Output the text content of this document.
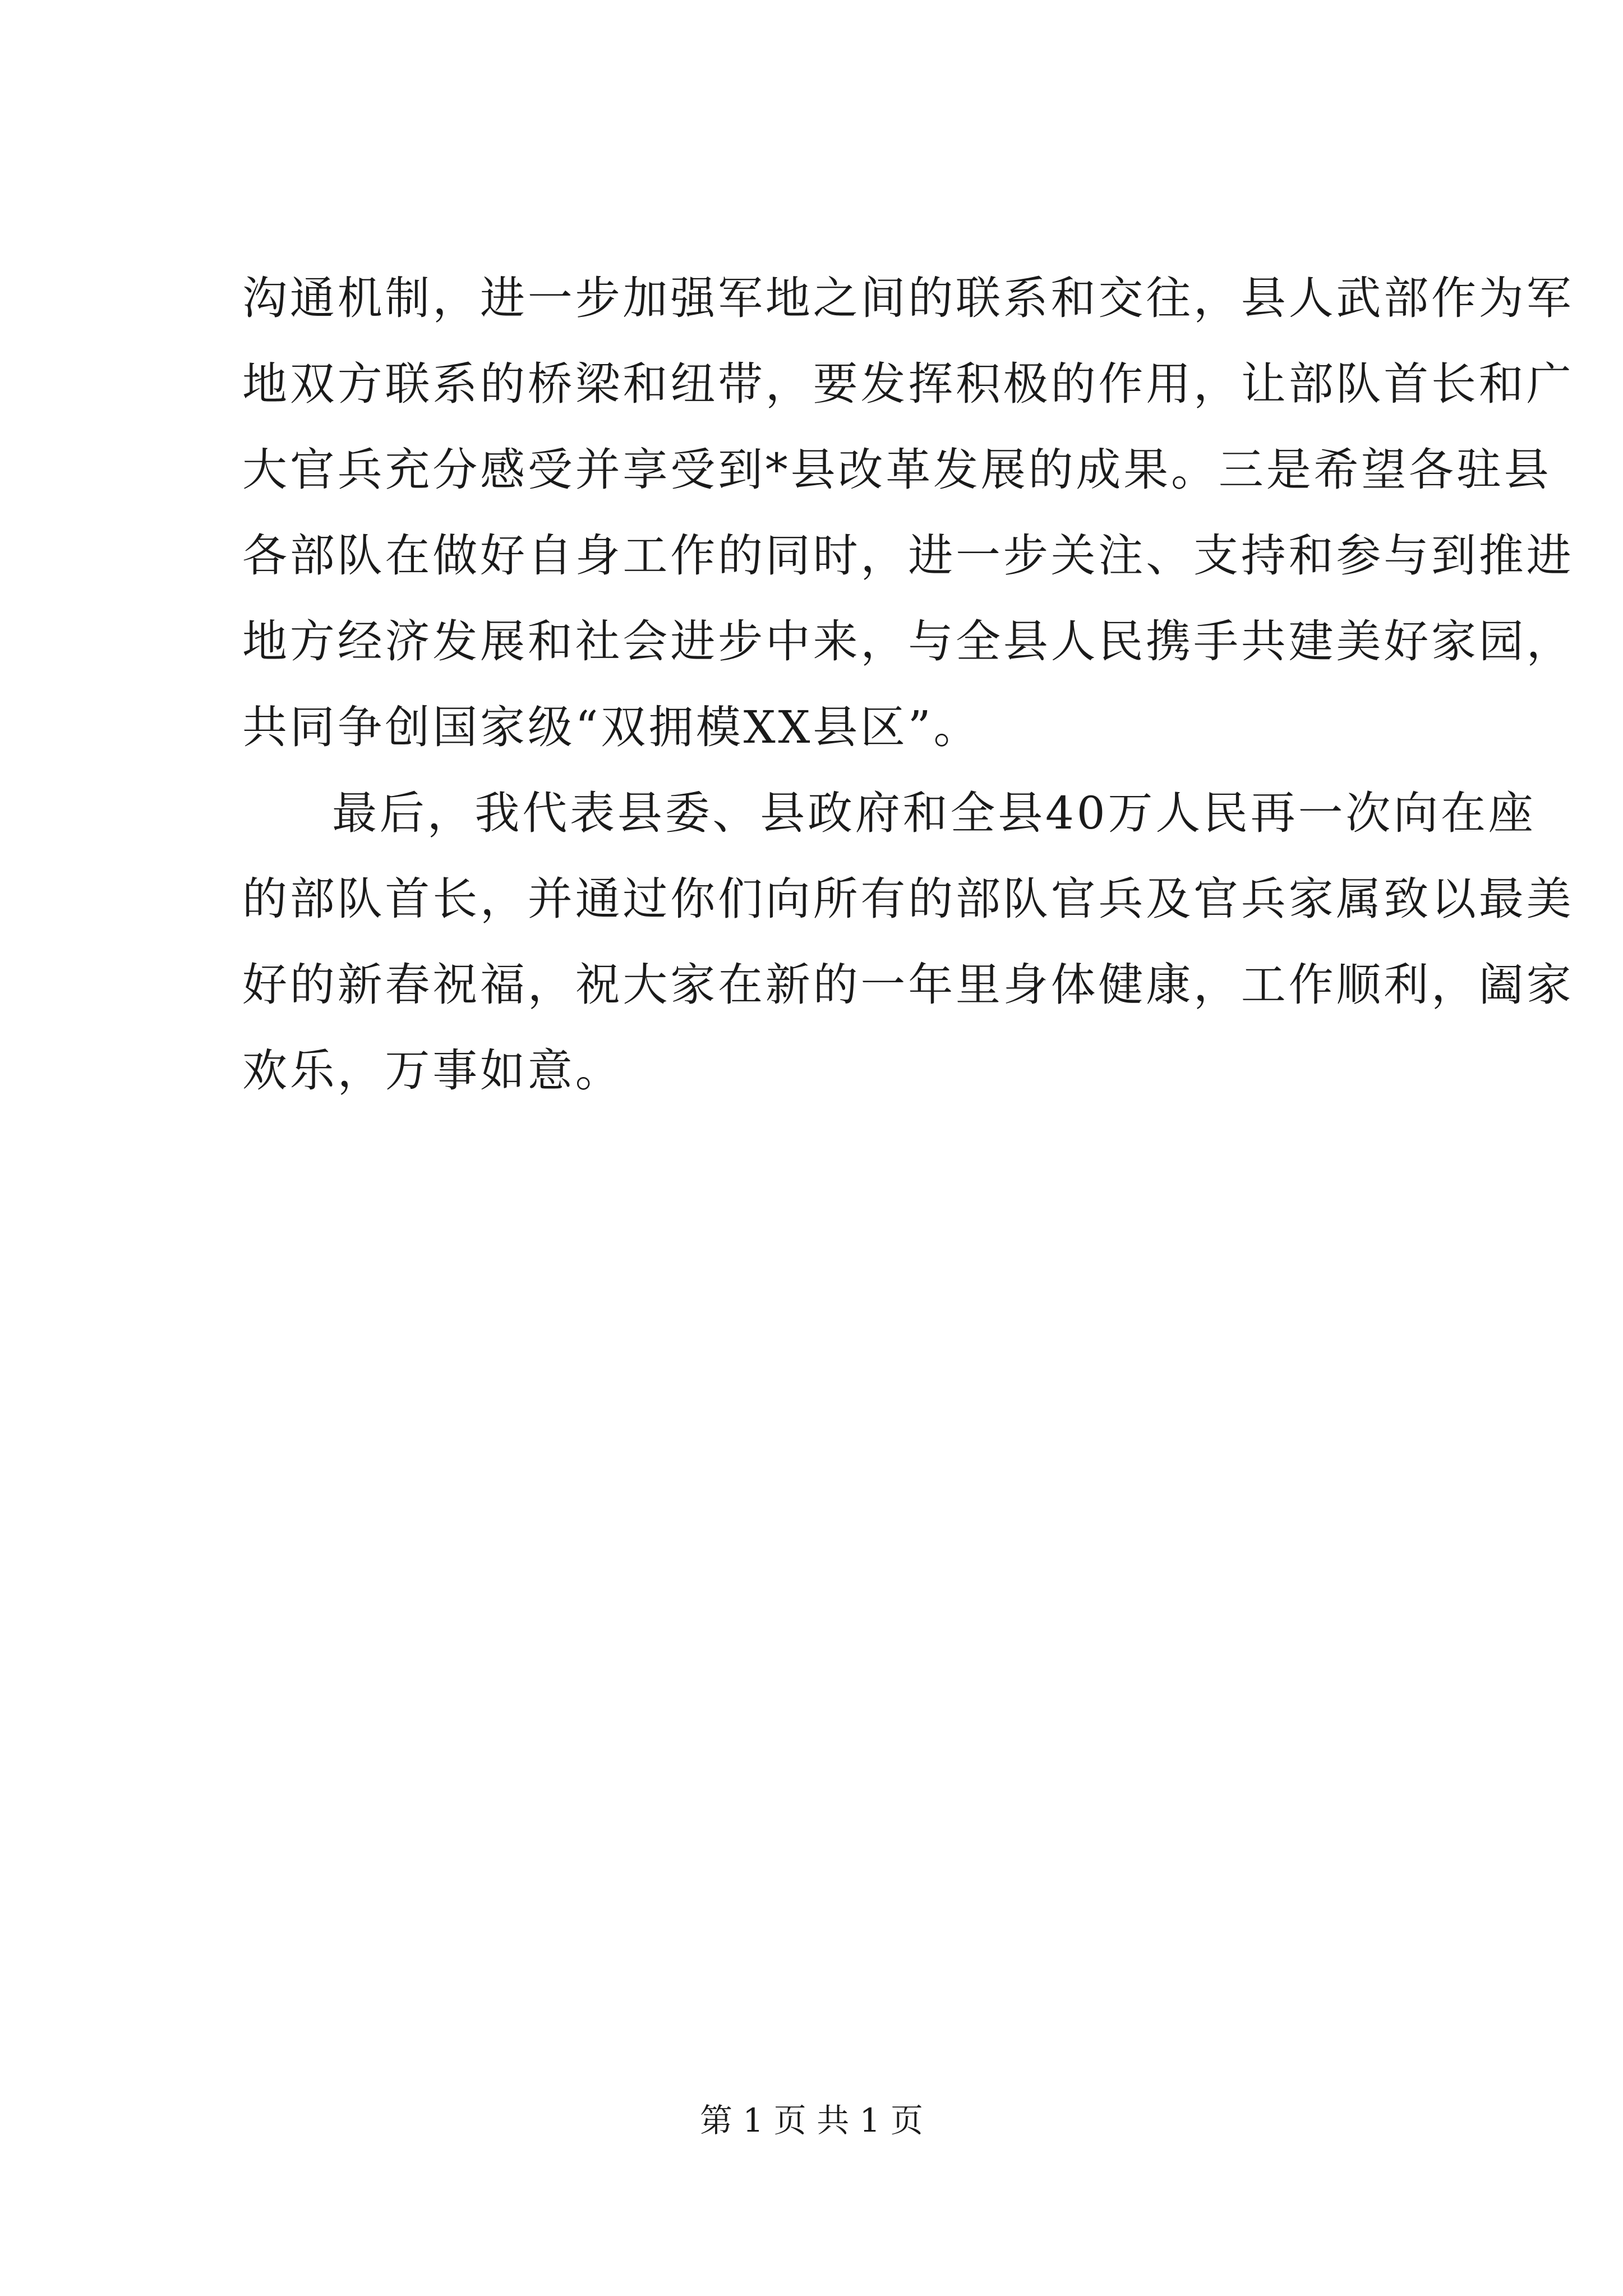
沟通机制，进一步加强军地之间的联系和交往，县人武部作为军
地双方联系的桥梁和纽带，要发挥积极的作用，让部队首长和广
大官兵充分感受并享受到*县改革发展的成果。三是希望各驻县
各部队在做好自身工作的同时，进一步关注、支持和参与到推进
地方经济发展和社会进步中来，与全县人民携手共建美好家园，
共同争创国家级“双拥模XX县区”。
最后，我代表县委、县政府和全县40万人民再一次向在座
的部队首长，并通过你们向所有的部队官兵及官兵家属致以最美
好的新春祝福，祝大家在新的一年里身体健康，工作顺利，阖家
欢乐，万事如意。
第 1 页 共 1 页
